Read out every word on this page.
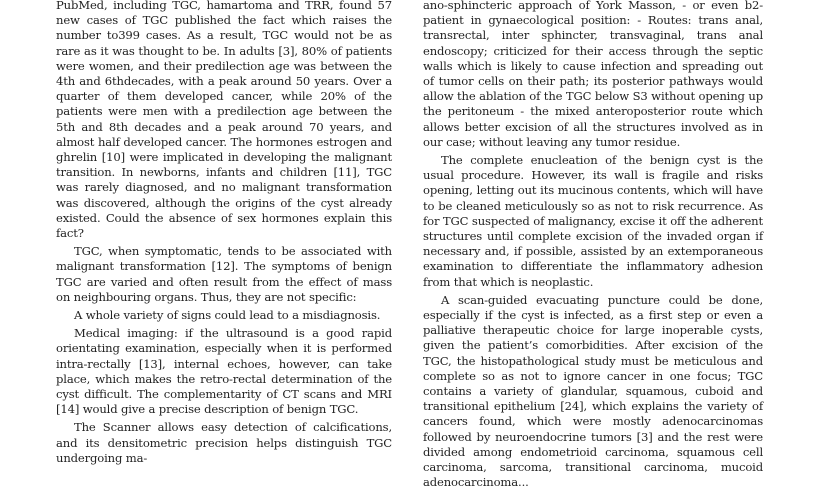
PubMed, including TGC, hamartoma and TRR, found 57 new cases of TGC published the fact which raises the number to399 cases. As a result, TGC would not be as rare as it was thought to be. In adults [3], 80% of patients were women, and their predilection age was between the 4th and 6thdecades, with a peak around 50 years. Over a quarter of them developed cancer, while 20% of the patients were men with a predilection age between the 5th and 8th decades and a peak around 70 years, and almost half developed cancer. The hormones estrogen and ghrelin [10] were implicated in developing the malignant transition. In newborns, infants and children [11], TGC was rarely diagnosed, and no malignant transformation was discovered, although the origins of the cyst already existed. Could the absence of sex hormones explain this fact?

TGC, when symptomatic, tends to be associated with malignant transformation [12]. The symptoms of benign TGC are varied and often result from the effect of mass on neighbouring organs. Thus, they are not specific:

A whole variety of signs could lead to a misdiagnosis.

Medical imaging: if the ultrasound is a good rapid orientating examination, especially when it is performed intra-rectally [13], internal echoes, however, can take place, which makes the retro-rectal determination of the cyst difficult. The complementarity of CT scans and MRI [14] would give a precise description of benign TGC.

The Scanner allows easy detection of calcifications, and its densitometric precision helps distinguish TGC undergoing ma-

ano-sphincteric approach of York Masson, - or even b2- patient in gynaecological position: - Routes: trans anal, transrectal, inter sphincter, transvaginal, trans anal endoscopy; criticized for their access through the septic walls which is likely to cause infection and spreading out of tumor cells on their path; its posterior pathways would allow the ablation of the TGC below S3 without opening up the peritoneum - the mixed anteroposterior route which allows better excision of all the structures involved as in our case; without leaving any tumor residue.

The complete enucleation of the benign cyst is the usual procedure. However, its wall is fragile and risks opening, letting out its mucinous contents, which will have to be cleaned meticulously so as not to risk recurrence. As for TGC suspected of malignancy, excise it off the adherent structures until complete excision of the invaded organ if necessary and, if possible, assisted by an extemporaneous examination to differentiate the inflammatory adhesion from that which is neoplastic.

A scan-guided evacuating puncture could be done, especially if the cyst is infected, as a first step or even a palliative therapeutic choice for large inoperable cysts, given the patient’s comorbidities. After excision of the TGC, the histopathological study must be meticulous and complete so as not to ignore cancer in one focus; TGC contains a variety of glandular, squamous, cuboid and transitional epithelium [24], which explains the variety of cancers found, which were mostly adenocarcinomas followed by neuroendocrine tumors [3] and the rest were divided among endometrioid carcinoma, squamous cell carcinoma, sarcoma, transitional carcinoma, mucoid adenocarcinoma...
